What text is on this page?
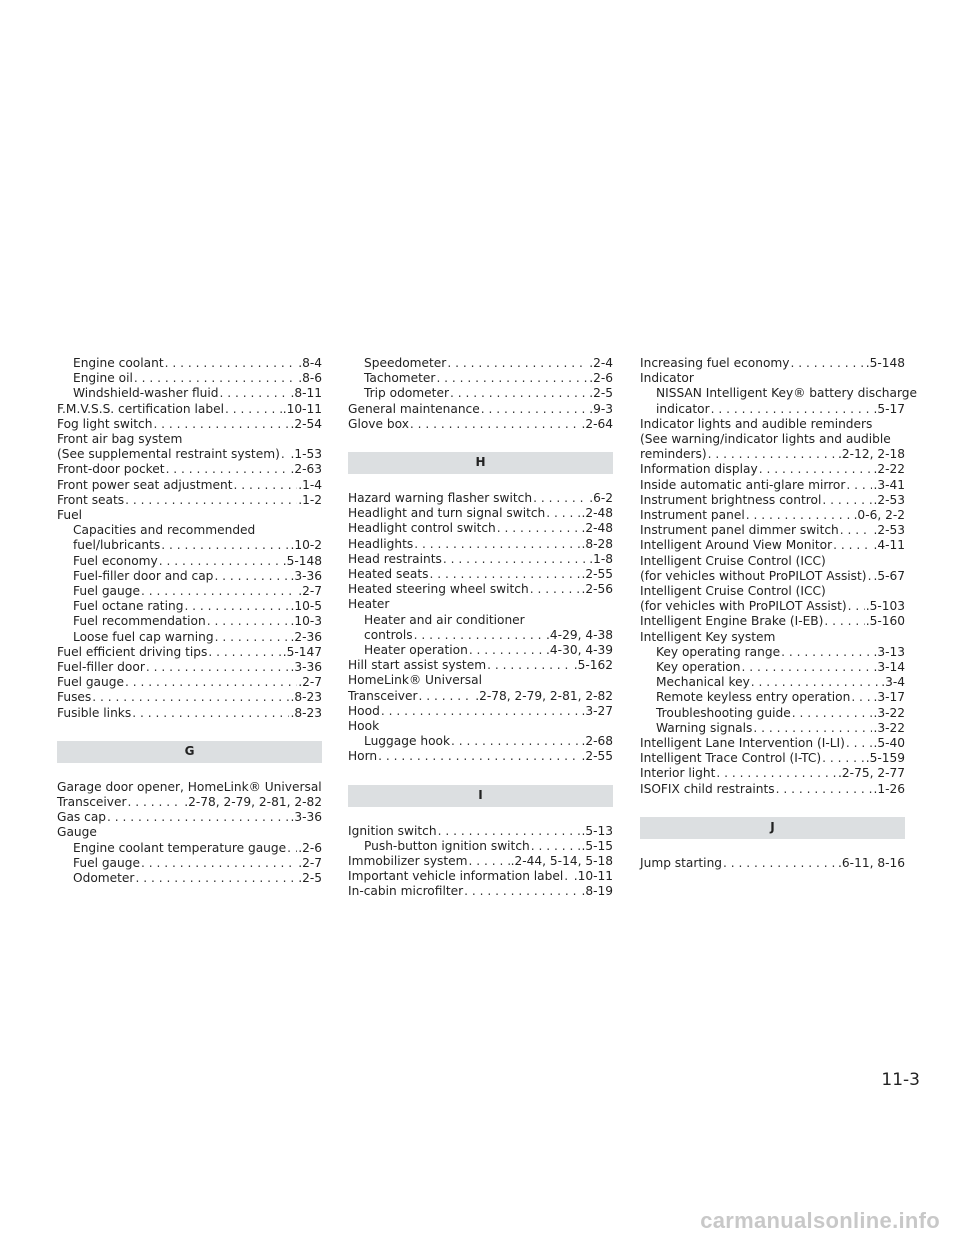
Engine coolant . . .	.8-4
Engine oil . . .	.8-6
Windshield-washer fluid . . .	.8-11
F.M.V.S.S. certification label . . .	.10-11
Fog light switch . . .	.2-54
Front air bag system
(See supplemental restraint system) . . . .1-53
Front-door pocket . . .	.2-63
Front power seat adjustment . . .	.1-4
Front seats . . .	.1-2
Fuel
Capacities and recommended
fuel/lubricants . . .	.10-2
Fuel economy . . .	.5-148
Fuel-filler door and cap . . .	.3-36
Fuel gauge . . .	.2-7
Fuel octane rating . . .	.10-5
Fuel recommendation . . .	.10-3
Loose fuel cap warning . . .	.2-36
Fuel efficient driving tips . . .	.5-147
Fuel-filler door . . .	.3-36
Fuel gauge . . .	.2-7
Fuses . . .	.8-23
Fusible links . . .	.8-23
G
Garage door opener, HomeLink® Universal
Transceiver . . .	.2-78, 2-79, 2-81, 2-82
Gas cap . . .	.3-36
Gauge
Engine coolant temperature gauge . . . .2-6
Fuel gauge . . .	.2-7
Odometer . . .	.2-5
Speedometer . . .	.2-4
Tachometer . . .	.2-6
Trip odometer . . .	.2-5
General maintenance . . .	.9-3
Glove box . . .	.2-64
H
Hazard warning flasher switch . . .	.6-2
Headlight and turn signal switch . . .	.2-48
Headlight control switch . . .	.2-48
Headlights . . .	.8-28
Head restraints . . .	.1-8
Heated seats . . .	.2-55
Heated steering wheel switch . . .	.2-56
Heater
Heater and air conditioner
controls . . .	.4-29, 4-38
Heater operation . . .	.4-30, 4-39
Hill start assist system . . .	.5-162
HomeLink® Universal
Transceiver . . .	.2-78, 2-79, 2-81, 2-82
Hood . . .	.3-27
Hook
Luggage hook . . .	.2-68
Horn . . .	.2-55
I
Ignition switch . . .	.5-13
Push-button ignition switch . . .	.5-15
Immobilizer system . . .	.2-44, 5-14, 5-18
Important vehicle information label . . . .10-11
In-cabin microfilter . . .	.8-19
Increasing fuel economy . . .	.5-148
Indicator
NISSAN Intelligent Key® battery discharge
indicator . . .	.5-17
Indicator lights and audible reminders
(See warning/indicator lights and audible
reminders) . . .	.2-12, 2-18
Information display . . .	.2-22
Inside automatic anti-glare mirror . . . .3-41
Instrument brightness control . . .	.2-53
Instrument panel . . .	.0-6, 2-2
Instrument panel dimmer switch . . .	.2-53
Intelligent Around View Monitor . . .	.4-11
Intelligent Cruise Control (ICC)
(for vehicles without ProPILOT Assist) . . . .5-67
Intelligent Cruise Control (ICC)
(for vehicles with ProPILOT Assist) . . . .5-103
Intelligent Engine Brake (I-EB) . . .	.5-160
Intelligent Key system
Key operating range . . .	.3-13
Key operation . . .	.3-14
Mechanical key . . .	.3-4
Remote keyless entry operation . . . .3-17
Troubleshooting guide . . .	.3-22
Warning signals . . .	.3-22
Intelligent Lane Intervention (I-LI) . . . .5-40
Intelligent Trace Control (I-TC) . . .	.5-159
Interior light . . .	.2-75, 2-77
ISOFIX child restraints . . .	.1-26
J
Jump starting . . .	.6-11, 8-16
11-3
carmanualsonline.info
